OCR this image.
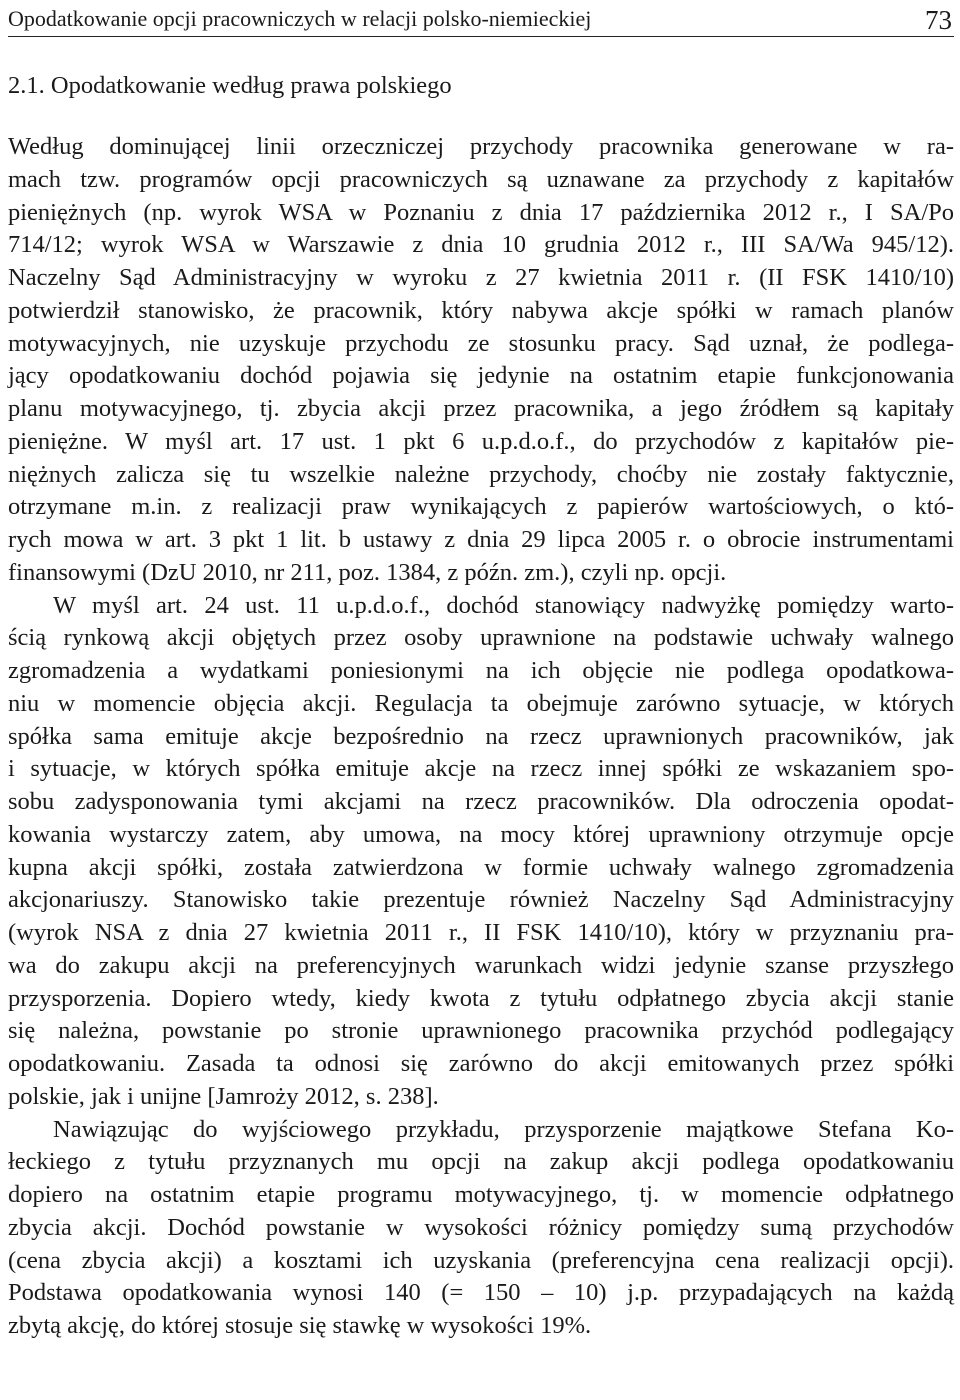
Opodatkowanie opcji pracowniczych w relacji polsko-niemieckiej	73
2.1. Opodatkowanie według prawa polskiego
Według dominującej linii orzeczniczej przychody pracownika generowane w ra-
mach tzw. programów opcji pracowniczych są uznawane za przychody z kapitałów
pieniężnych (np. wyrok WSA w Poznaniu z dnia 17 października 2012 r., I SA/Po
714/12; wyrok WSA w Warszawie z dnia 10 grudnia 2012 r., III SA/Wa 945/12).
Naczelny Sąd Administracyjny w wyroku z 27 kwietnia 2011 r. (II FSK 1410/10)
potwierdził stanowisko, że pracownik, który nabywa akcje spółki w ramach planów
motywacyjnych, nie uzyskuje przychodu ze stosunku pracy. Sąd uznał, że podlega-
jący opodatkowaniu dochód pojawia się jedynie na ostatnim etapie funkcjonowania
planu motywacyjnego, tj. zbycia akcji przez pracownika, a jego źródłem są kapitały
pieniężne. W myśl art. 17 ust. 1 pkt 6 u.p.d.o.f., do przychodów z kapitałów pie-
niężnych zalicza się tu wszelkie należne przychody, choćby nie zostały faktycznie,
otrzymane m.in. z realizacji praw wynikających z papierów wartościowych, o któ-
rych mowa w art. 3 pkt 1 lit. b ustawy z dnia 29 lipca 2005 r. o obrocie instrumentami
finansowymi (DzU 2010, nr 211, poz. 1384, z późn. zm.), czyli np. opcji.
W myśl art. 24 ust. 11 u.p.d.o.f., dochód stanowiący nadwyżkę pomiędzy warto-
ścią rynkową akcji objętych przez osoby uprawnione na podstawie uchwały walnego
zgromadzenia a wydatkami poniesionymi na ich objęcie nie podlega opodatkowa-
niu w momencie objęcia akcji. Regulacja ta obejmuje zarówno sytuacje, w których
spółka sama emituje akcje bezpośrednio na rzecz uprawnionych pracowników, jak
i sytuacje, w których spółka emituje akcje na rzecz innej spółki ze wskazaniem spo-
sobu zadysponowania tymi akcjami na rzecz pracowników. Dla odroczenia opodat-
kowania wystarczy zatem, aby umowa, na mocy której uprawniony otrzymuje opcje
kupna akcji spółki, została zatwierdzona w formie uchwały walnego zgromadzenia
akcjonariuszy. Stanowisko takie prezentuje również Naczelny Sąd Administracyjny
(wyrok NSA z dnia 27 kwietnia 2011 r., II FSK 1410/10), który w przyznaniu pra-
wa do zakupu akcji na preferencyjnych warunkach widzi jedynie szanse przyszłego
przysporzenia. Dopiero wtedy, kiedy kwota z tytułu odpłatnego zbycia akcji stanie
się należna, powstanie po stronie uprawnionego pracownika przychód podlegający
opodatkowaniu. Zasada ta odnosi się zarówno do akcji emitowanych przez spółki
polskie, jak i unijne [Jamroży 2012, s. 238].
Nawiązując do wyjściowego przykładu, przysporzenie majątkowe Stefana Ko-
łeckiego z tytułu przyznanych mu opcji na zakup akcji podlega opodatkowaniu
dopiero na ostatnim etapie programu motywacyjnego, tj. w momencie odpłatnego
zbycia akcji. Dochód powstanie w wysokości różnicy pomiędzy sumą przychodów
(cena zbycia akcji) a kosztami ich uzyskania (preferencyjna cena realizacji opcji).
Podstawa opodatkowania wynosi 140 (= 150 – 10) j.p. przypadających na każdą
zbytą akcję, do której stosuje się stawkę w wysokości 19%.
